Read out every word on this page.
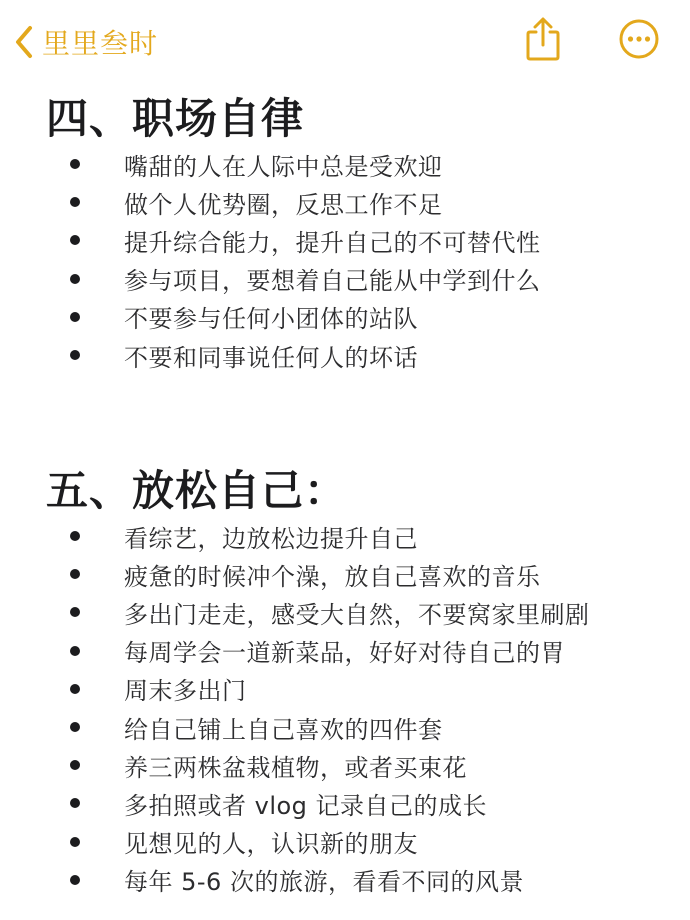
里里叁时
四、职场自律
嘴甜的人在人际中总是受欢迎
做个人优势圈，反思工作不足
提升综合能力，提升自己的不可替代性
参与项目，要想着自己能从中学到什么
不要参与任何小团体的站队
不要和同事说任何人的坏话
五、放松自己：
看综艺，边放松边提升自己
疲惫的时候冲个澡，放自己喜欢的音乐
多出门走走，感受大自然，不要窝家里刷剧
每周学会一道新菜品，好好对待自己的胃
周末多出门
给自己铺上自己喜欢的四件套
养三两株盆栽植物，或者买束花
多拍照或者 vlog 记录自己的成长
见想见的人，认识新的朋友
每年 5-6 次的旅游，看看不同的风景
